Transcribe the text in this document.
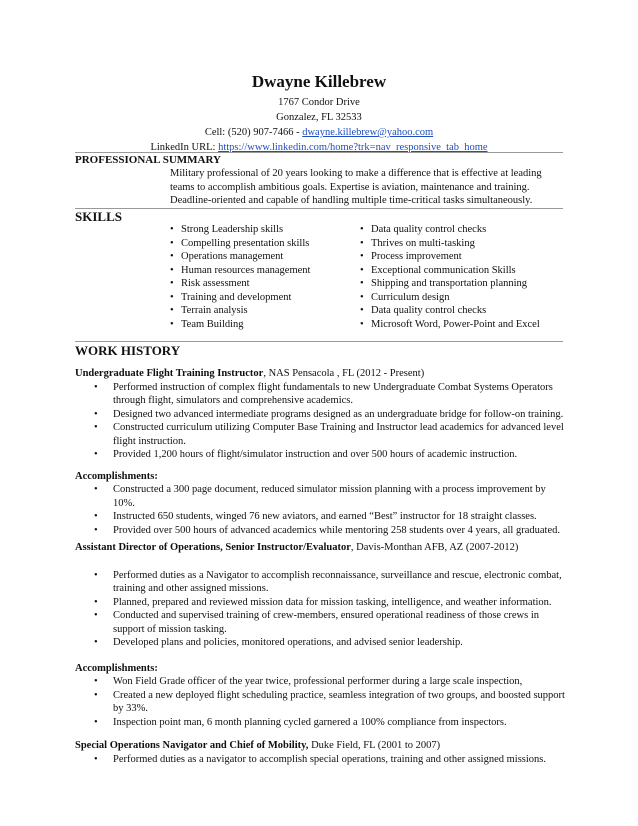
Dwayne Killebrew
1767 Condor Drive
Gonzalez, FL 32533
Cell: (520) 907-7466 - dwayne.killebrew@yahoo.com
LinkedIn URL: https://www.linkedin.com/home?trk=nav_responsive_tab_home
PROFESSIONAL SUMMARY
Military professional of 20 years looking to make a difference that is effective at leading teams to accomplish ambitious goals. Expertise is aviation, maintenance and training. Deadline-oriented and capable of handling multiple time-critical tasks simultaneously.
SKILLS
• Strong Leadership skills
• Compelling presentation skills
• Operations management
• Human resources management
• Risk assessment
• Training and development
• Terrain analysis
• Team Building
• Data quality control checks
• Thrives on multi-tasking
• Process improvement
• Exceptional communication Skills
• Shipping and transportation planning
• Curriculum design
• Data quality control checks
• Microsoft Word, Power-Point and Excel
WORK HISTORY
Undergraduate Flight Training Instructor, NAS Pensacola , FL (2012 - Present)
• Performed instruction of complex flight fundamentals to new Undergraduate Combat Systems Operators through flight, simulators and comprehensive academics.
• Designed two advanced intermediate programs designed as an undergraduate bridge for follow-on training.
• Constructed curriculum utilizing Computer Base Training and Instructor lead academics for advanced level flight instruction.
• Provided 1,200 hours of flight/simulator instruction and over 500 hours of academic instruction.
Accomplishments:
• Constructed a 300 page document, reduced simulator mission planning with a process improvement by 10%.
• Instructed 650 students, winged 76 new aviators, and earned “Best” instructor for 18 straight classes.
• Provided over 500 hours of advanced academics while mentoring 258 students over 4 years, all graduated.
Assistant Director of Operations, Senior Instructor/Evaluator, Davis-Monthan AFB, AZ (2007-2012)
• Performed duties as a Navigator to accomplish reconnaissance, surveillance and rescue, electronic combat, training and other assigned missions.
• Planned, prepared and reviewed mission data for mission tasking, intelligence, and weather information.
• Conducted and supervised training of crew-members, ensured operational readiness of those crews in support of mission tasking.
• Developed plans and policies, monitored operations, and advised senior leadership.
Accomplishments:
• Won Field Grade officer of the year twice, professional performer during a large scale inspection,
• Created a new deployed flight scheduling practice, seamless integration of two groups, and boosted support by 33%.
• Inspection point man, 6 month planning cycled garnered a 100% compliance from inspectors.
Special Operations Navigator and Chief of Mobility, Duke Field, FL (2001 to 2007)
• Performed duties as a navigator to accomplish special operations, training and other assigned missions.
